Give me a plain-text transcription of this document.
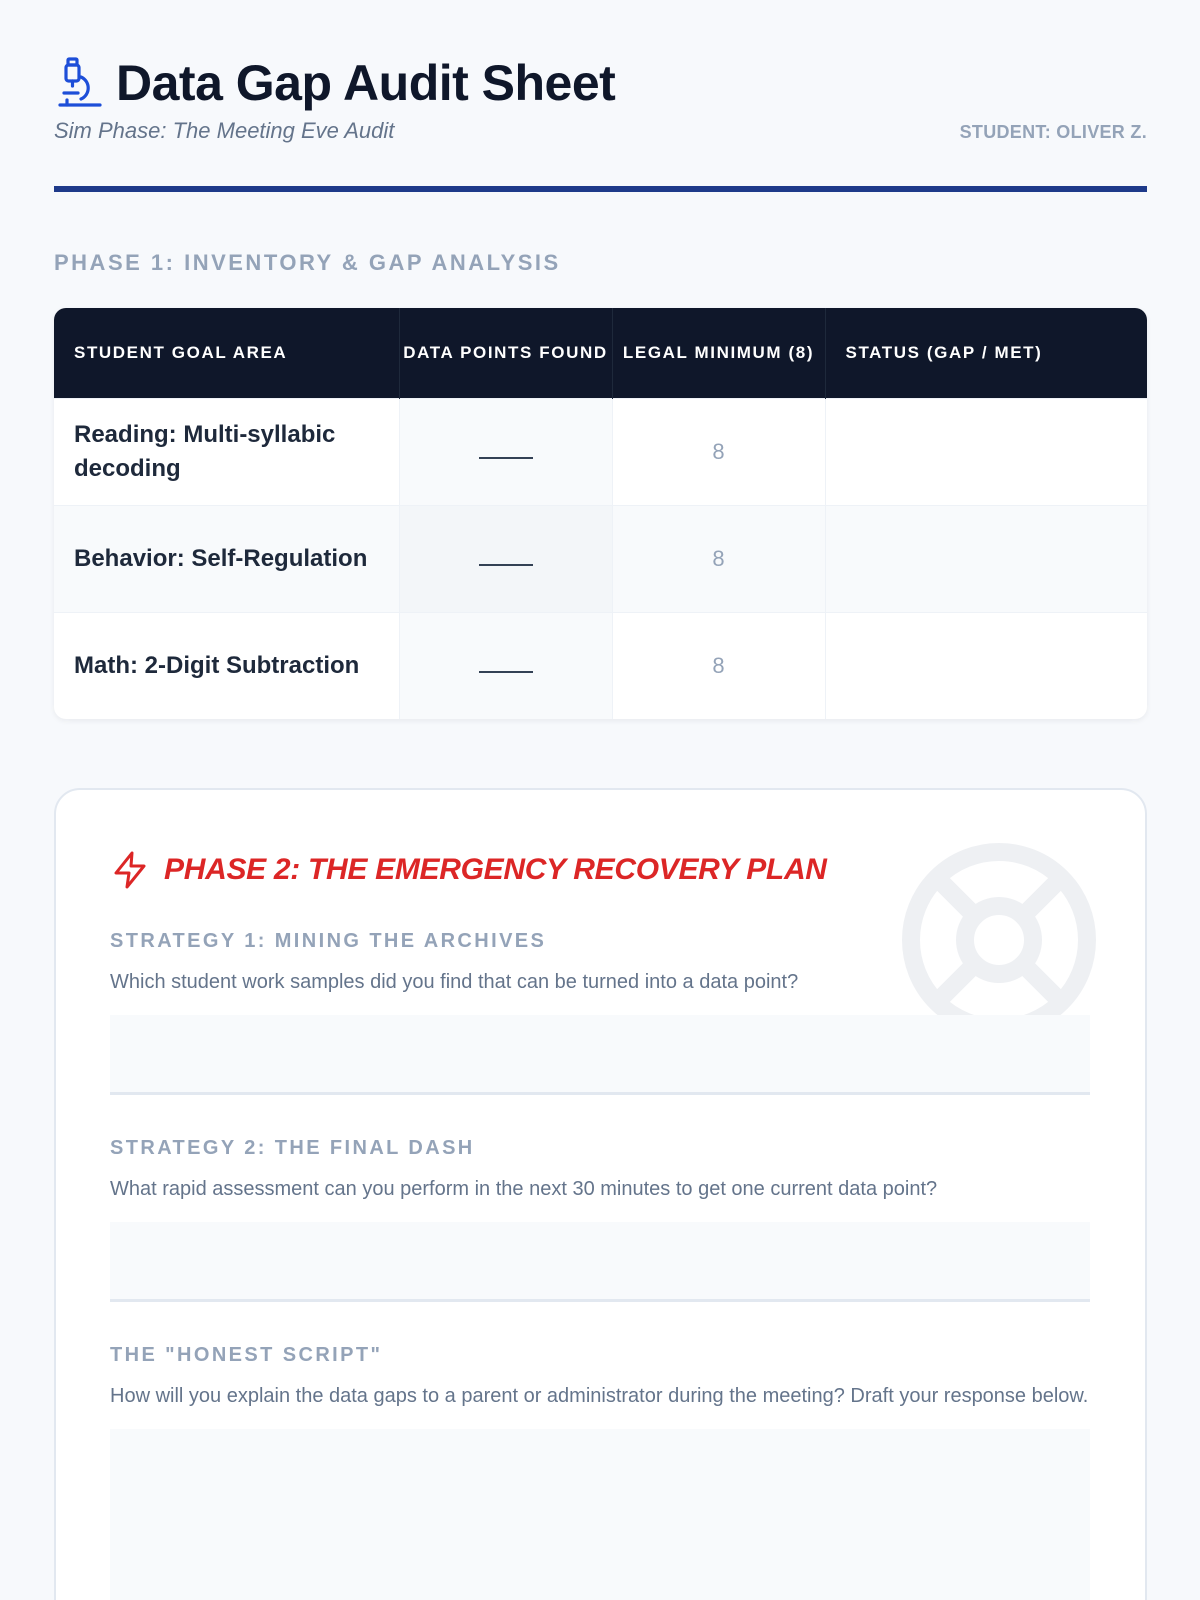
Data Gap Audit Sheet
Sim Phase: The Meeting Eve Audit	STUDENT: OLIVER Z.
PHASE 1: INVENTORY & GAP ANALYSIS
STUDENT GOAL AREA	DATA POINTS FOUND	LEGAL MINIMUM (8)	STATUS (GAP / MET)
Reading: Multi-syllabic decoding		8	
Behavior: Self-Regulation		8	
Math: 2-Digit Subtraction		8	
PHASE 2: THE EMERGENCY RECOVERY PLAN
STRATEGY 1: MINING THE ARCHIVES
Which student work samples did you find that can be turned into a data point?
STRATEGY 2: THE FINAL DASH
What rapid assessment can you perform in the next 30 minutes to get one current data point?
THE "HONEST SCRIPT"
How will you explain the data gaps to a parent or administrator during the meeting? Draft your response below.
